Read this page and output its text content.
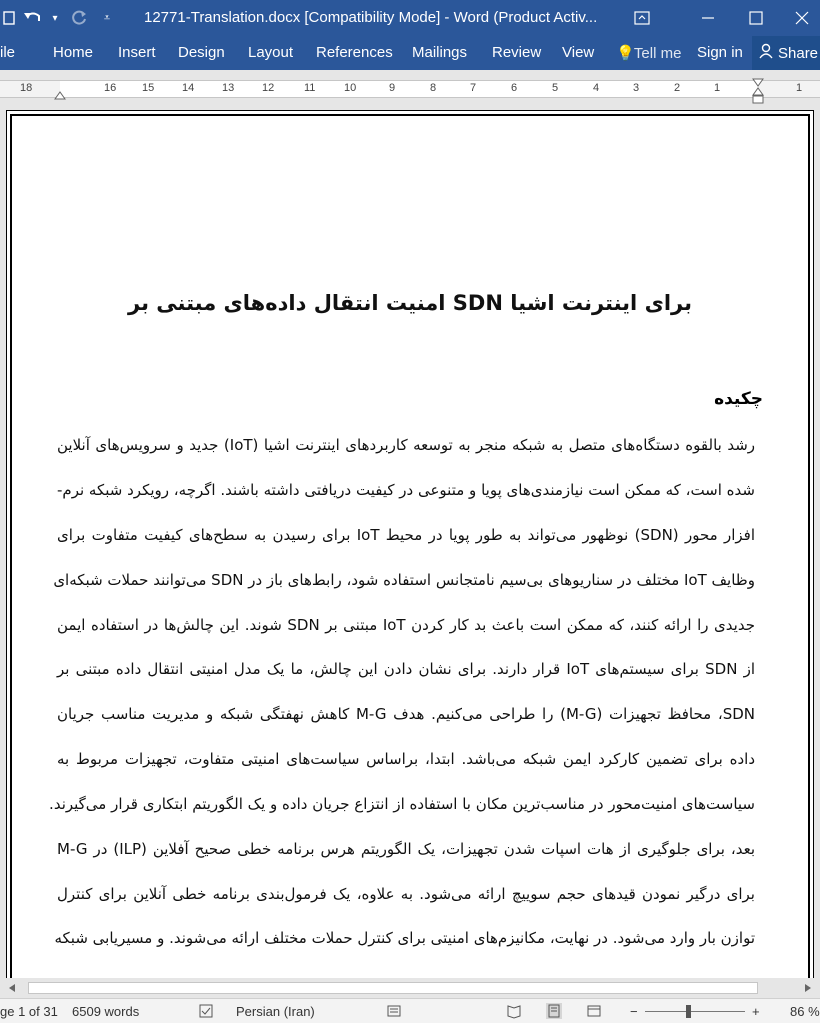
▾	⩡	12771-Translation.docx [Compatibility Mode] - Word (Product Activ...
ile	Home Insert Design Layout References Mailings Review View 💡 Tell me Sign in Share
18	16 15	14	13	12	11	10	9	8	7	6	5	4	3	2	1	1
امنیت انتقال داده‌های مبتنی بر SDN برای اینترنت اشیا
چکیده
رشد بالقوه دستگاه‌های متصل به شبکه منجر به توسعه کاربردهای اینترنت اشیا (IoT) جدید و سرویس‌های آنلاین
شده است، که ممکن است نیازمندی‌های پویا و متنوعی در کیفیت دریافتی داشته باشند. اگرچه، رویکرد شبکه نرم-
افزار محور (SDN) نوظهور می‌تواند به طور پویا در محیط IoT برای رسیدن به سطح‌های کیفیت متفاوت برای
وظایف IoT مختلف در سناریوهای بی‌سیم نامتجانس استفاده شود، رابط‌های باز در SDN می‌توانند حملات شبکه‌ای
جدیدی را ارائه کنند، که ممکن است باعث بد کار کردن IoT مبتنی بر SDN شوند. این چالش‌ها در استفاده ایمن
از SDN برای سیستم‌های IoT قرار دارند. برای نشان دادن این چالش، ما یک مدل امنیتی انتقال داده مبتنی بر
SDN، محافظ تجهیزات (M-G) را طراحی می‌کنیم. هدف M-G کاهش نهفتگی شبکه و مدیریت مناسب جریان
داده برای تضمین کارکرد ایمن شبکه می‌باشد. ابتدا، براساس سیاست‌های امنیتی متفاوت، تجهیزات مربوط به
سیاست‌های امنیت‌محور در مناسب‌ترین مکان با استفاده از انتزاع جریان داده و یک الگوریتم ابتکاری قرار می‌گیرند.
بعد، برای جلوگیری از هات اسپات شدن تجهیزات، یک الگوریتم هرس برنامه خطی صحیح آفلاین (ILP) در M-G
برای درگیر نمودن قیدهای حجم سوییچ ارائه می‌شود. به علاوه، یک فرمول‌بندی برنامه خطی آنلاین برای کنترل
توازن بار وارد می‌شود. در نهایت، مکانیزم‌های امنیتی برای کنترل حملات مختلف ارائه می‌شوند. و مسیریابی شبکه
ge 1 of 31 6509 words	Persian (Iran)	−	+ 86 %
